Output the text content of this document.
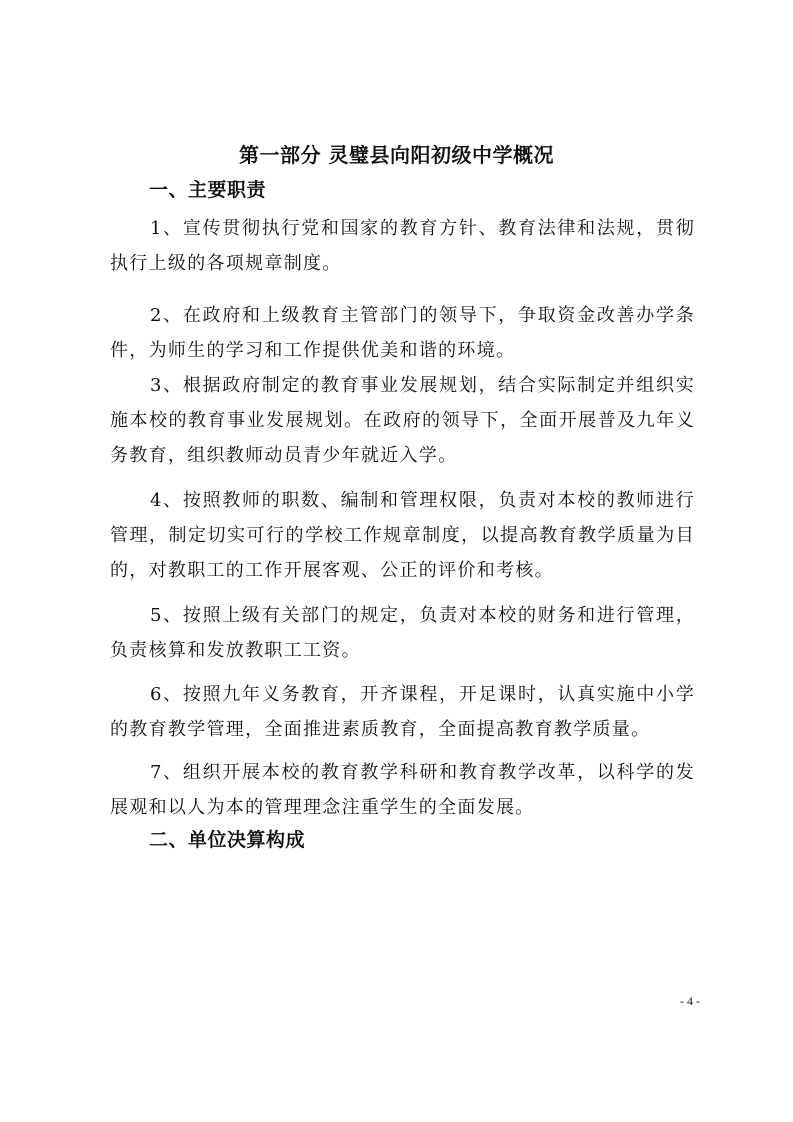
第一部分 灵璧县向阳初级中学概况
一、主要职责
1、宣传贯彻执行党和国家的教育方针、教育法律和法规，贯彻执行上级的各项规章制度。
2、在政府和上级教育主管部门的领导下，争取资金改善办学条件，为师生的学习和工作提供优美和谐的环境。
3、根据政府制定的教育事业发展规划，结合实际制定并组织实施本校的教育事业发展规划。在政府的领导下，全面开展普及九年义务教育，组织教师动员青少年就近入学。
4、按照教师的职数、编制和管理权限，负责对本校的教师进行管理，制定切实可行的学校工作规章制度，以提高教育教学质量为目的，对教职工的工作开展客观、公正的评价和考核。
5、按照上级有关部门的规定，负责对本校的财务和进行管理，负责核算和发放教职工工资。
6、按照九年义务教育，开齐课程，开足课时，认真实施中小学的教育教学管理，全面推进素质教育，全面提高教育教学质量。
7、组织开展本校的教育教学科研和教育教学改革，以科学的发展观和以人为本的管理理念注重学生的全面发展。
二、单位决算构成
- 4 -
